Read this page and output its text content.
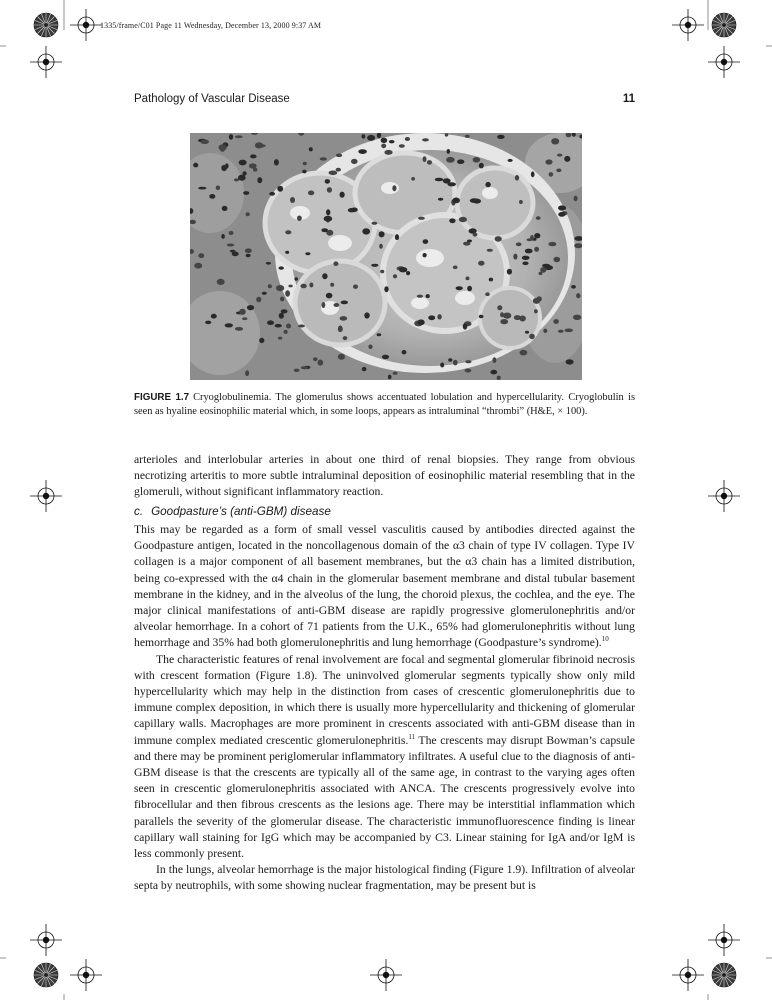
1335/frame/C01 Page 11 Wednesday, December 13, 2000 9:37 AM
Pathology of Vascular Disease	11
FIGURE 1.7 Cryoglobulinemia. The glomerulus shows accentuated lobulation and hypercellularity. Cryoglobulin is seen as hyaline eosinophilic material which, in some loops, appears as intraluminal “thrombi” (H&E, × 100).

arterioles and interlobular arteries in about one third of renal biopsies. They range from obvious necrotizing arteritis to more subtle intraluminal deposition of eosinophilic material resembling that in the glomeruli, without significant inflammatory reaction.

c. Goodpasture’s (anti-GBM) disease

This may be regarded as a form of small vessel vasculitis caused by antibodies directed against the Goodpasture antigen, located in the noncollagenous domain of the α3 chain of type IV collagen. Type IV collagen is a major component of all basement membranes, but the α3 chain has a limited distribution, being co-expressed with the α4 chain in the glomerular basement membrane and distal tubular basement membrane in the kidney, and in the alveolus of the lung, the choroid plexus, the cochlea, and the eye. The major clinical manifestations of anti-GBM disease are rapidly progressive glomerulonephritis and/or alveolar hemorrhage. In a cohort of 71 patients from the U.K., 65% had glomerulonephritis without lung hemorrhage and 35% had both glomerulonephritis and lung hemorrhage (Goodpasture’s syndrome).$^{10}$

The characteristic features of renal involvement are focal and segmental glomerular fibrinoid necrosis with crescent formation (Figure 1.8). The uninvolved glomerular segments typically show only mild hypercellularity which may help in the distinction from cases of crescentic glomerulonephritis due to immune complex deposition, in which there is usually more hypercellularity and thickening of glomerular capillary walls. Macrophages are more prominent in crescents associated with anti-GBM disease than in immune complex mediated crescentic glomerulonephritis.$^{11}$ The crescents may disrupt Bowman’s capsule and there may be prominent periglomerular inflammatory infiltrates. A useful clue to the diagnosis of anti-GBM disease is that the crescents are typically all of the same age, in contrast to the varying ages often seen in crescentic glomerulonephritis associated with ANCA. The crescents progressively evolve into fibrocellular and then fibrous crescents as the lesions age. There may be interstitial inflammation which parallels the severity of the glomerular disease. The characteristic immunofluorescence finding is linear capillary wall staining for IgG which may be accompanied by C3. Linear staining for IgA and/or IgM is less commonly present.

In the lungs, alveolar hemorrhage is the major histological finding (Figure 1.9). Infiltration of alveolar septa by neutrophils, with some showing nuclear fragmentation, may be present but is
